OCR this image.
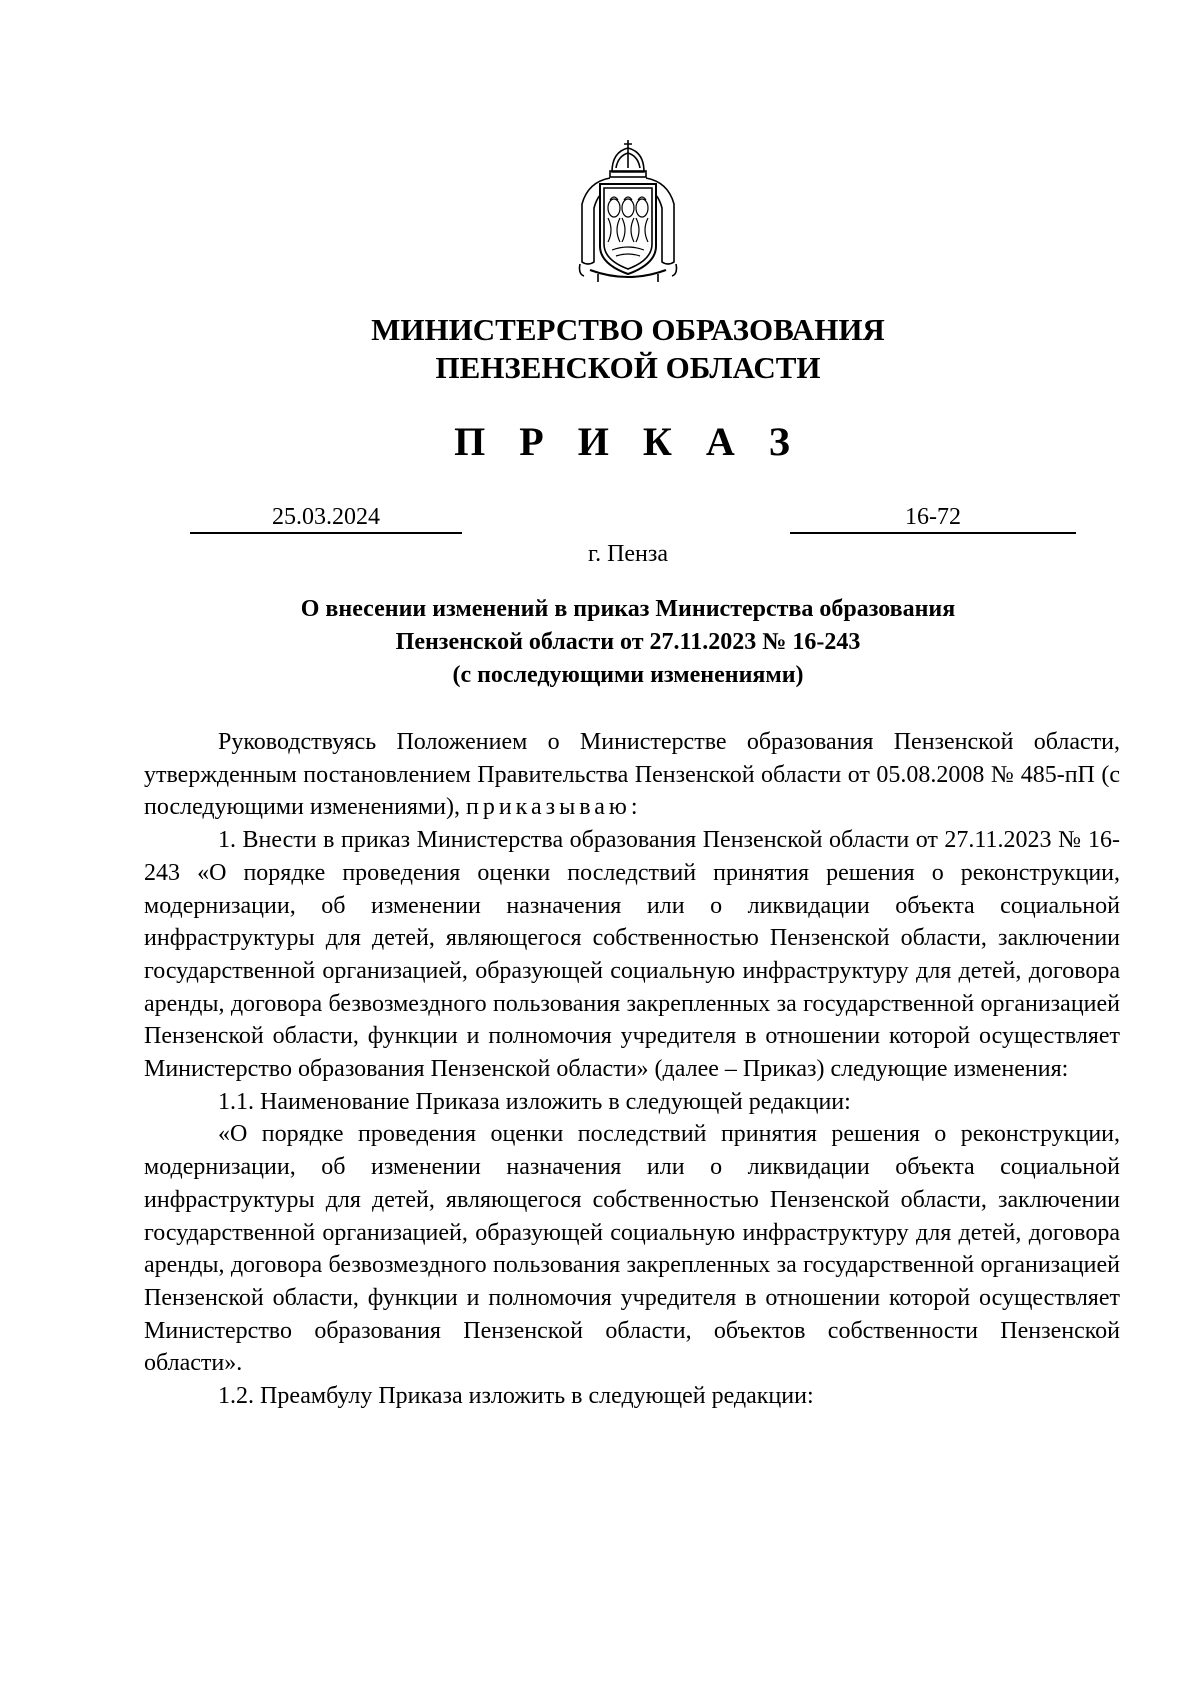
МИНИСТЕРСТВО ОБРАЗОВАНИЯ
ПЕНЗЕНСКОЙ ОБЛАСТИ
П Р И К А З
25.03.2024	16-72
г. Пенза
О внесении изменений в приказ Министерства образования
Пензенской области от 27.11.2023 № 16-243
(с последующими изменениями)

Руководствуясь Положением о Министерстве образования Пензенской области, утвержденным постановлением Правительства Пензенской области от 05.08.2008 № 485-пП (с последующими изменениями), приказываю:

1. Внести в приказ Министерства образования Пензенской области от 27.11.2023 № 16-243 «О порядке проведения оценки последствий принятия решения о реконструкции, модернизации, об изменении назначения или о ликвидации объекта социальной инфраструктуры для детей, являющегося собственностью Пензенской области, заключении государственной организацией, образующей социальную инфраструктуру для детей, договора аренды, договора безвозмездного пользования закрепленных за государственной организацией Пензенской области, функции и полномочия учредителя в отношении которой осуществляет Министерство образования Пензенской области» (далее – Приказ) следующие изменения:

1.1. Наименование Приказа изложить в следующей редакции:

«О порядке проведения оценки последствий принятия решения о реконструкции, модернизации, об изменении назначения или о ликвидации объекта социальной инфраструктуры для детей, являющегося собственностью Пензенской области, заключении государственной организацией, образующей социальную инфраструктуру для детей, договора аренды, договора безвозмездного пользования закрепленных за государственной организацией Пензенской области, функции и полномочия учредителя в отношении которой осуществляет Министерство образования Пензенской области, объектов собственности Пензенской области».

1.2. Преамбулу Приказа изложить в следующей редакции:
